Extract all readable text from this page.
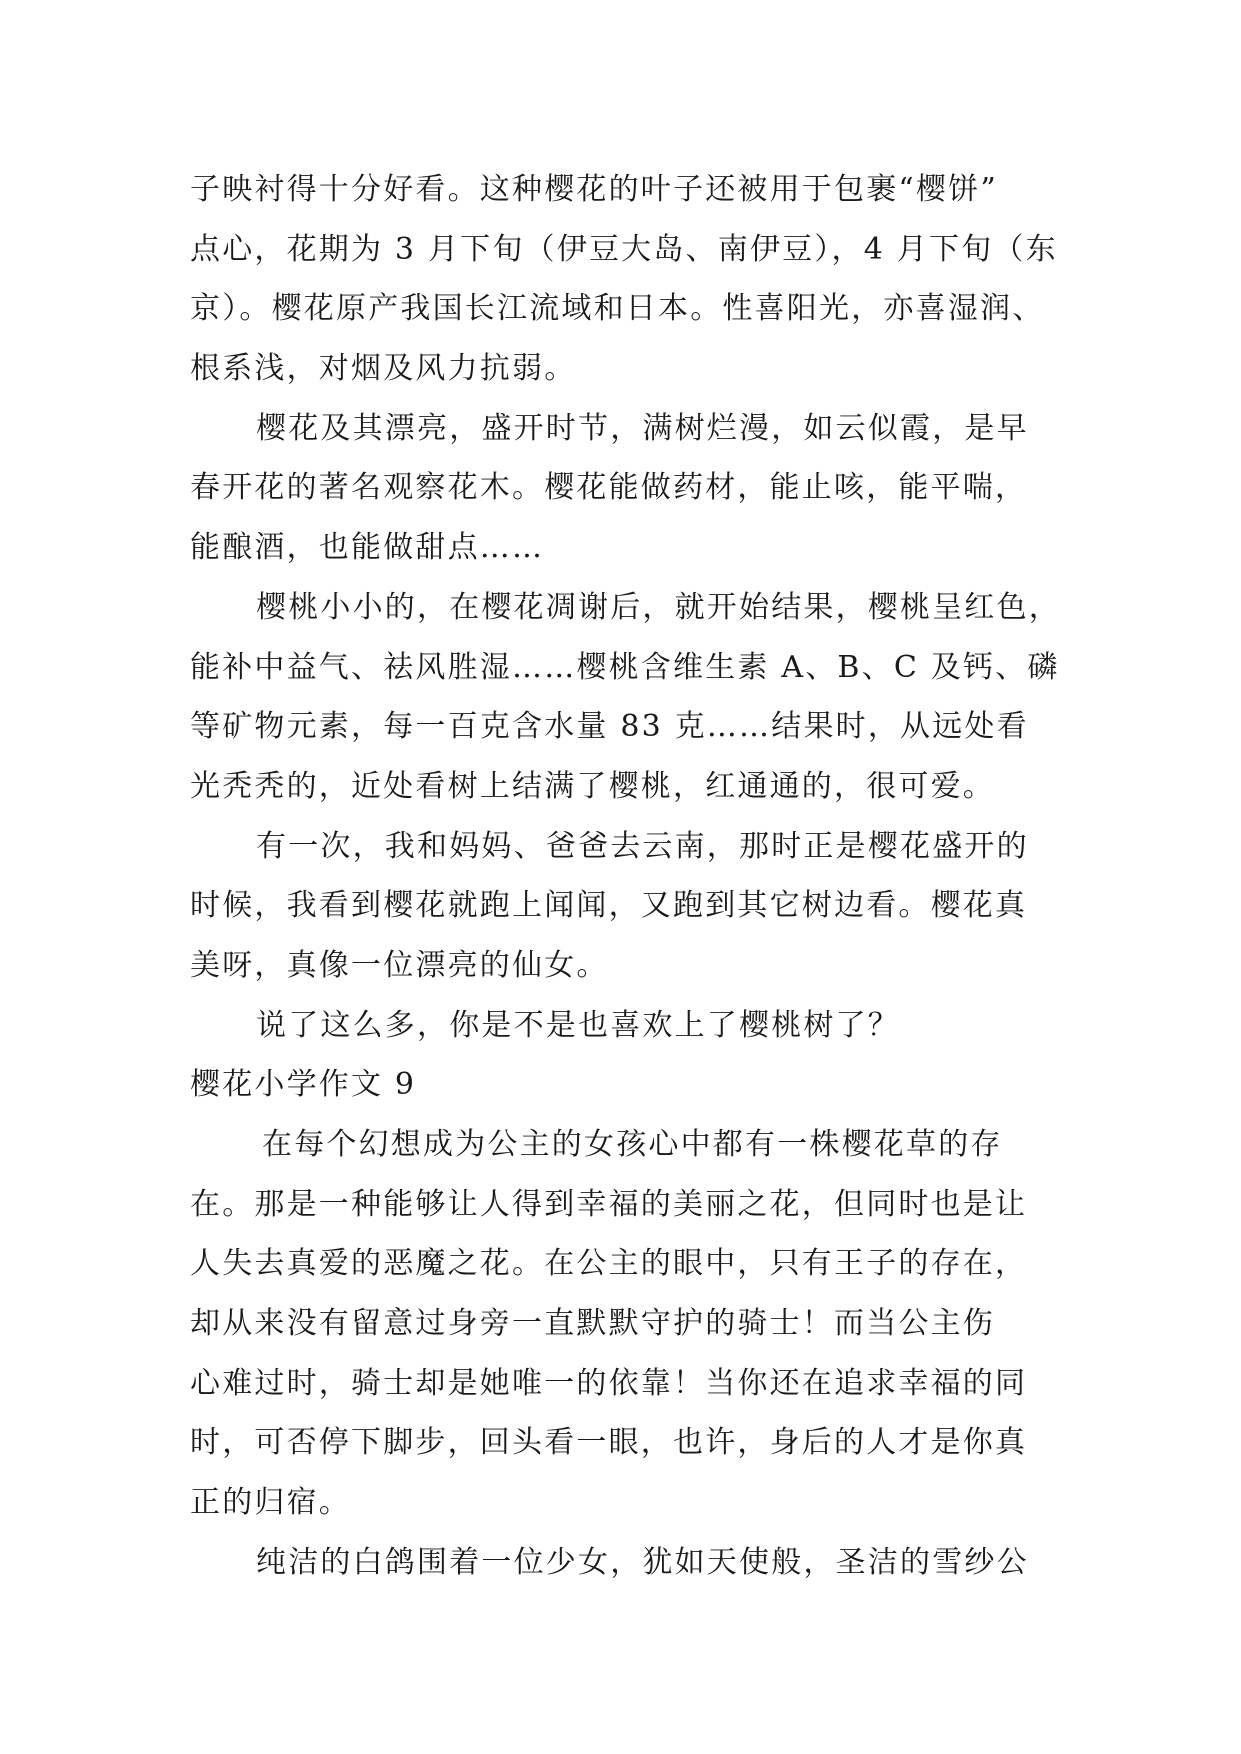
子映衬得十分好看。这种樱花的叶子还被用于包裹“樱饼”
点心，花期为 3 月下旬（伊豆大岛、南伊豆），4 月下旬（东
京）。樱花原产我国长江流域和日本。性喜阳光，亦喜湿润、
根系浅，对烟及风力抗弱。
樱花及其漂亮，盛开时节，满树烂漫，如云似霞，是早
春开花的著名观察花木。樱花能做药材，能止咳，能平喘，
能酿酒，也能做甜点……
樱桃小小的，在樱花凋谢后，就开始结果，樱桃呈红色，
能补中益气、祛风胜湿……樱桃含维生素 A、B、C 及钙、磷
等矿物元素，每一百克含水量 83 克……结果时，从远处看
光秃秃的，近处看树上结满了樱桃，红通通的，很可爱。
有一次，我和妈妈、爸爸去云南，那时正是樱花盛开的
时候，我看到樱花就跑上闻闻，又跑到其它树边看。樱花真
美呀，真像一位漂亮的仙女。
说了这么多，你是不是也喜欢上了樱桃树了？
樱花小学作文 9
在每个幻想成为公主的女孩心中都有一株樱花草的存
在。那是一种能够让人得到幸福的美丽之花，但同时也是让
人失去真爱的恶魔之花。在公主的眼中，只有王子的存在，
却从来没有留意过身旁一直默默守护的骑士！而当公主伤
心难过时，骑士却是她唯一的依靠！当你还在追求幸福的同
时，可否停下脚步，回头看一眼，也许，身后的人才是你真
正的归宿。
纯洁的白鸽围着一位少女，犹如天使般，圣洁的雪纱公
